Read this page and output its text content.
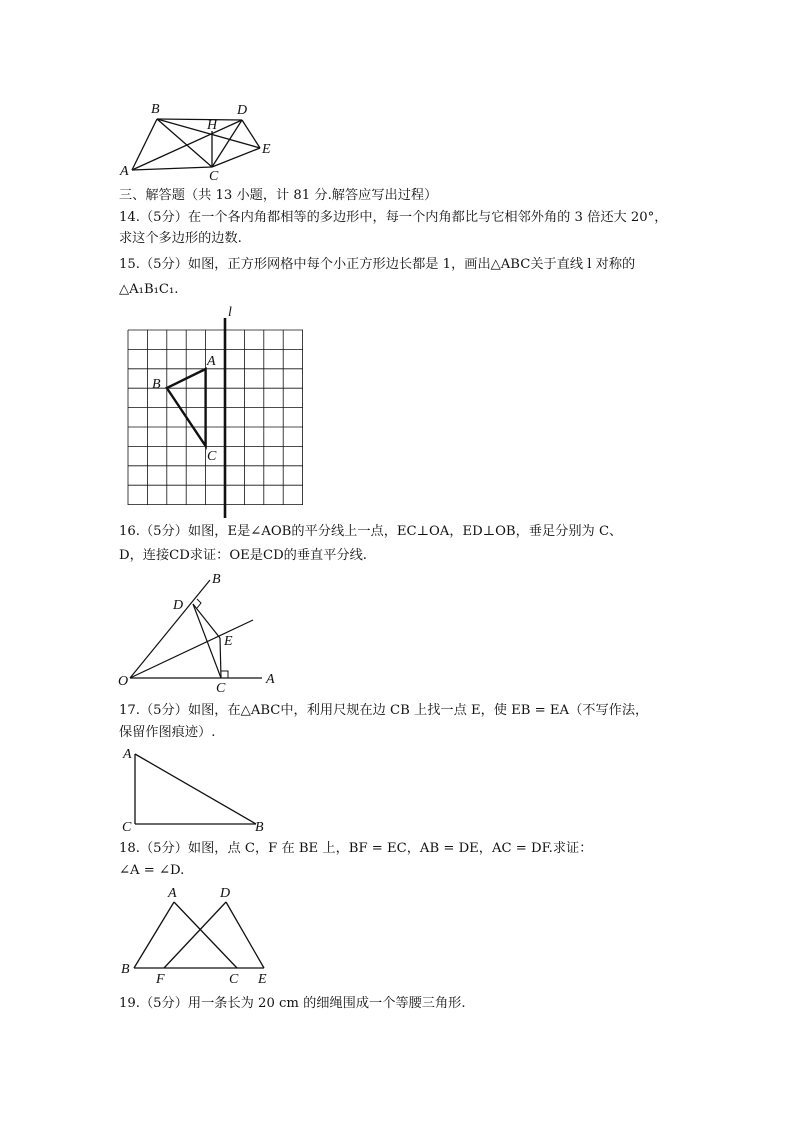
B
A
H
D
E
C
三、解答题（共 13 小题，计 81 分.解答应写出过程）
14.（5分）在一个各内角都相等的多边形中，每一个内角都比与它相邻外角的 3 倍还大 20°，
求这个多边形的边数.
15.（5分）如图，正方形网格中每个小正方形边长都是 1，画出△ABC关于直线 l 对称的
△A₁B₁C₁.
l
A
B
C
16.（5分）如图，E是∠AOB的平分线上一点，EC⊥OA，ED⊥OB，垂足分别为 C、
D，连接CD求证：OE是CD的垂直平分线.
O	A
B
D
E
C
17.（5分）如图，在△ABC中，利用尺规在边 CB 上找一点 E，使 EB = EA（不写作法，
保留作图痕迹）.
A
C	B
18.（5分）如图，点 C，F 在 BE 上，BF = EC，AB = DE，AC = DF.求证：
∠A = ∠D.
A	D
B
F	C E
19.（5分）用一条长为 20 cm 的细绳围成一个等腰三角形.
